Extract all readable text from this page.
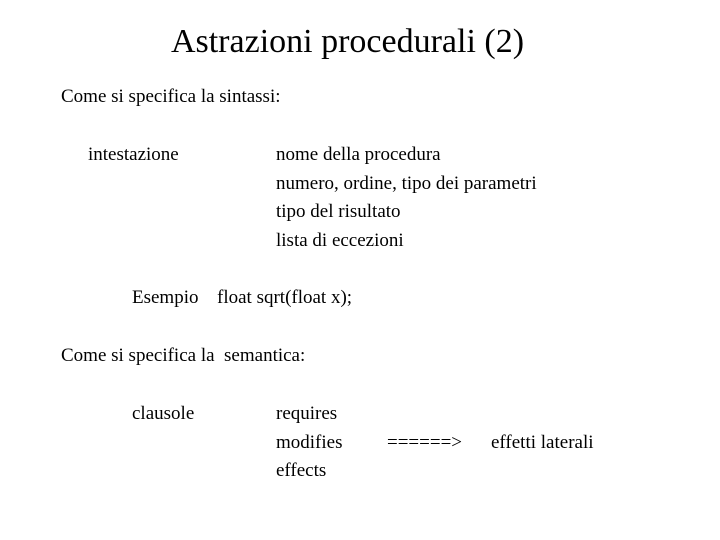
Astrazioni procedurali (2)
Come si specifica la sintassi:
intestazione	nome della procedura
numero, ordine, tipo dei parametri
tipo del risultato
lista di eccezioni
Esempio float sqrt(float x);
Come si specifica la  semantica:
clausole	requires
modifies
effects
======> effetti laterali
